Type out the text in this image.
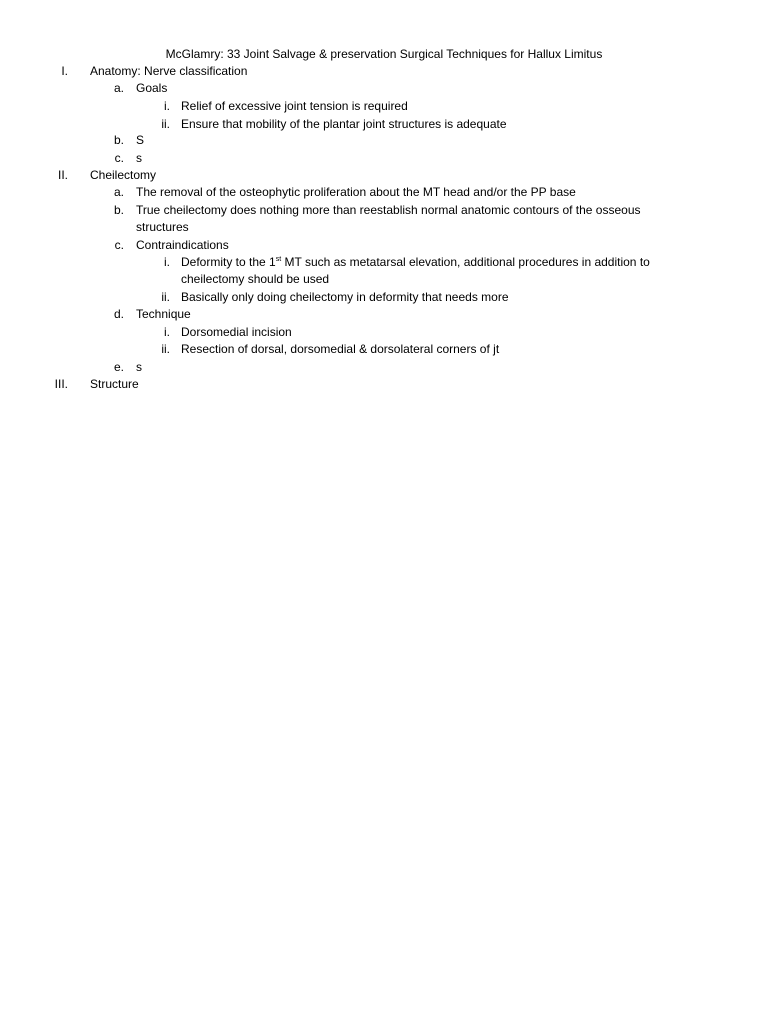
McGlamry: 33 Joint Salvage & preservation Surgical Techniques for Hallux Limitus
I. Anatomy: Nerve classification
a. Goals
i. Relief of excessive joint tension is required
ii. Ensure that mobility of the plantar joint structures is adequate
b. S
c. s
II. Cheilectomy
a. The removal of the osteophytic proliferation about the MT head and/or the PP base
b. True cheilectomy does nothing more than reestablish normal anatomic contours of the osseous structures
c. Contraindications
i. Deformity to the 1st MT such as metatarsal elevation, additional procedures in addition to cheilectomy should be used
ii. Basically only doing cheilectomy in deformity that needs more
d. Technique
i. Dorsomedial incision
ii. Resection of dorsal, dorsomedial & dorsolateral corners of jt
e. s
III. Structure
